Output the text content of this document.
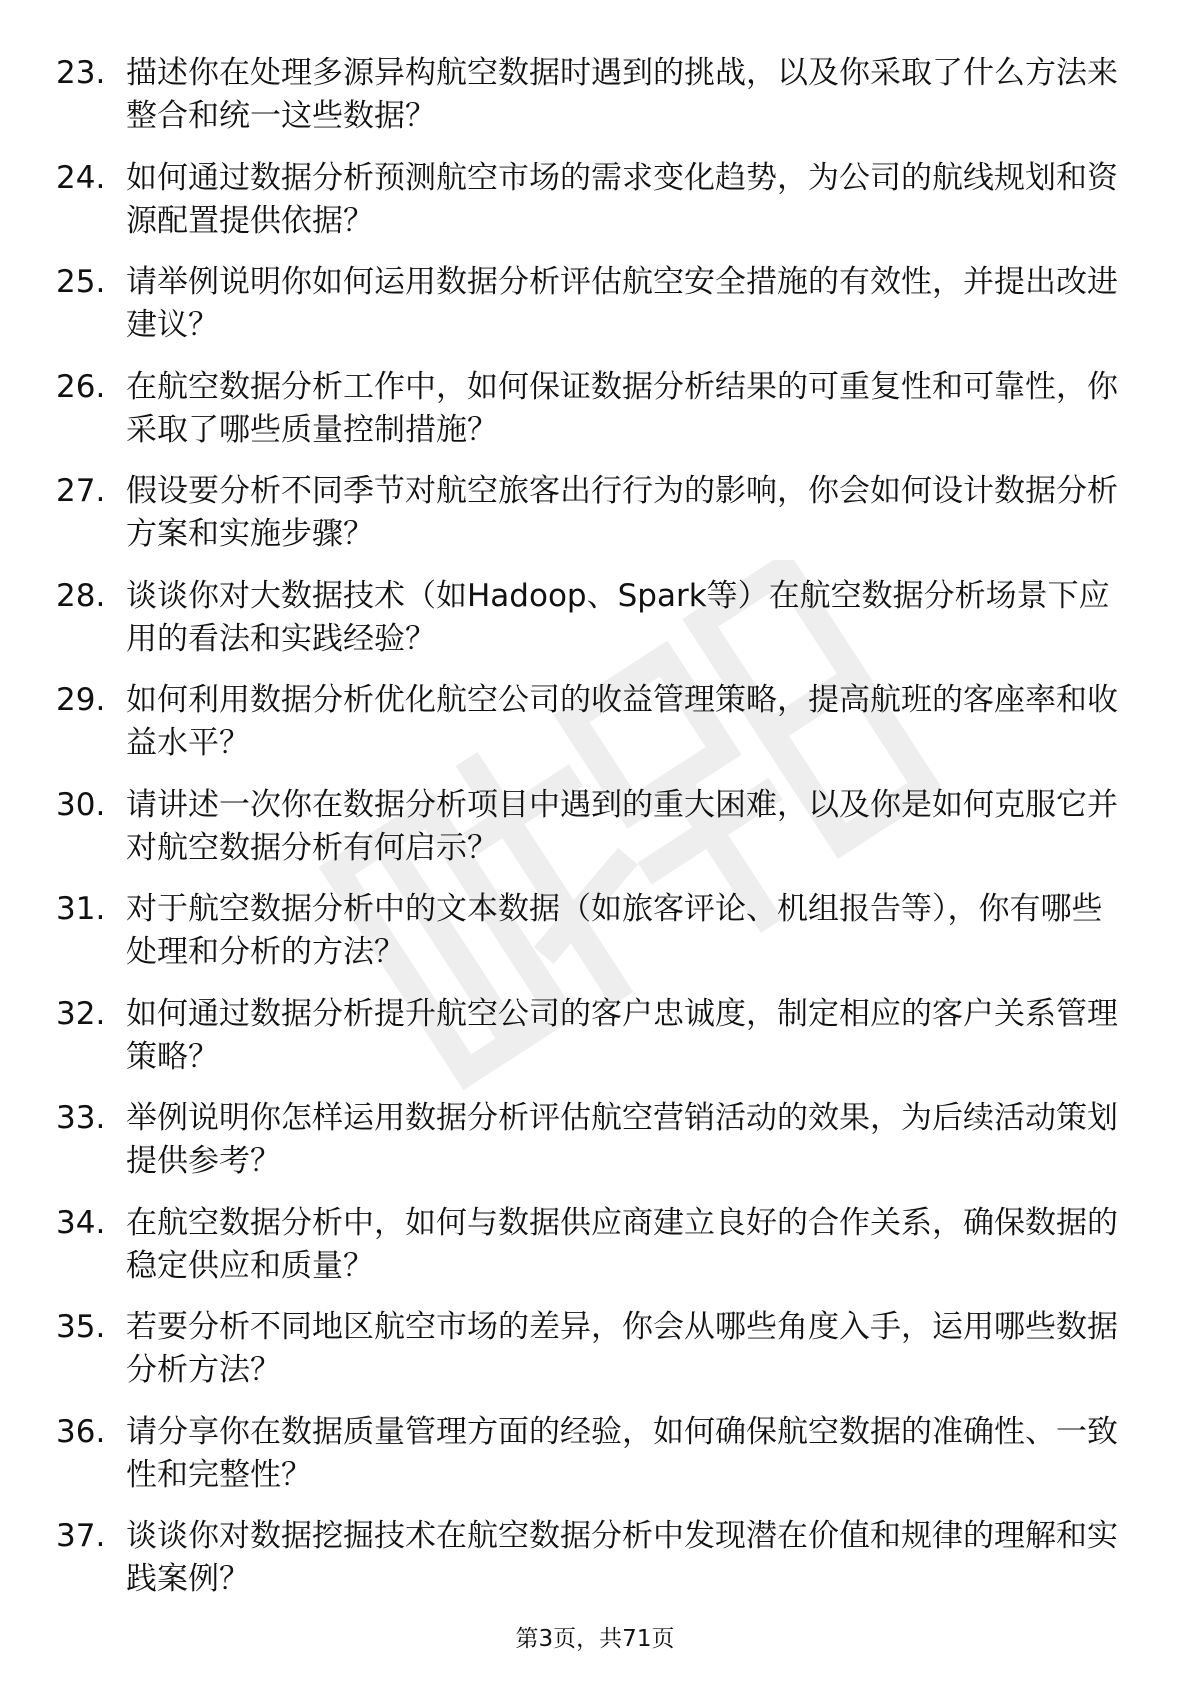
23. 描述你在处理多源异构航空数据时遇到的挑战，以及你采取了什么方法来整合和统一这些数据？
24. 如何通过数据分析预测航空市场的需求变化趋势，为公司的航线规划和资源配置提供依据？
25. 请举例说明你如何运用数据分析评估航空安全措施的有效性，并提出改进建议？
26. 在航空数据分析工作中，如何保证数据分析结果的可重复性和可靠性，你采取了哪些质量控制措施？
27. 假设要分析不同季节对航空旅客出行行为的影响，你会如何设计数据分析方案和实施步骤？
28. 谈谈你对大数据技术（如Hadoop、Spark等）在航空数据分析场景下应用的看法和实践经验？
29. 如何利用数据分析优化航空公司的收益管理策略，提高航班的客座率和收益水平？
30. 请讲述一次你在数据分析项目中遇到的重大困难，以及你是如何克服它并对航空数据分析有何启示？
31. 对于航空数据分析中的文本数据（如旅客评论、机组报告等），你有哪些处理和分析的方法？
32. 如何通过数据分析提升航空公司的客户忠诚度，制定相应的客户关系管理策略？
33. 举例说明你怎样运用数据分析评估航空营销活动的效果，为后续活动策划提供参考？
34. 在航空数据分析中，如何与数据供应商建立良好的合作关系，确保数据的稳定供应和质量？
35. 若要分析不同地区航空市场的差异，你会从哪些角度入手，运用哪些数据分析方法？
36. 请分享你在数据质量管理方面的经验，如何确保航空数据的准确性、一致性和完整性？
37. 谈谈你对数据挖掘技术在航空数据分析中发现潜在价值和规律的理解和实践案例？
第3页，共71页
